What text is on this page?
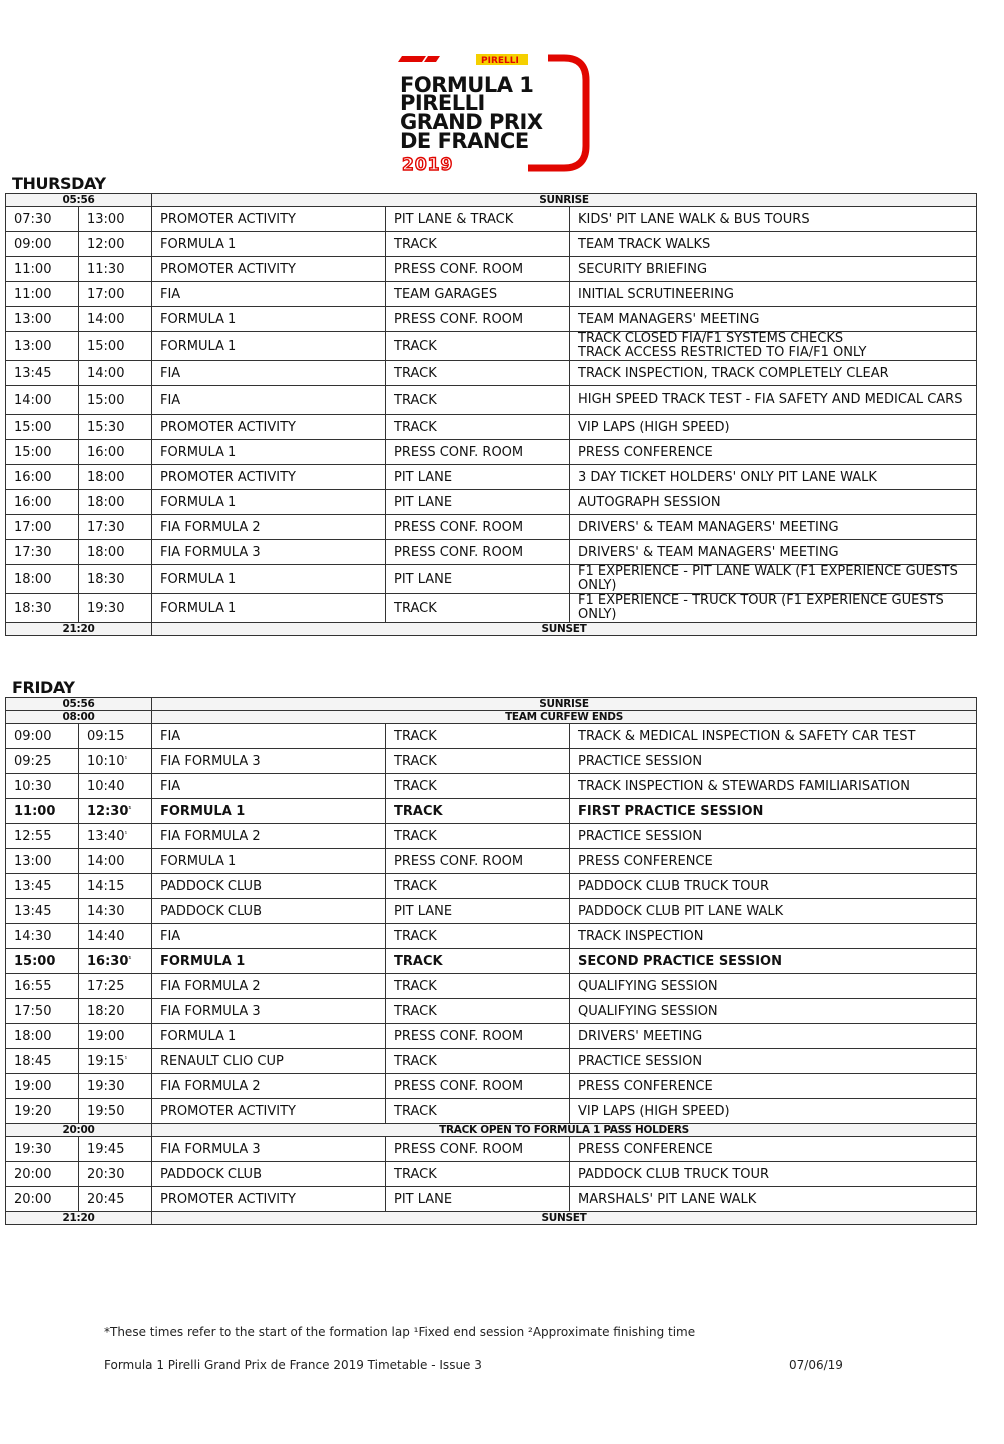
PIRELLI
FORMULA 1
PIRELLI
GRAND PRIX
DE FRANCE
2019
THURSDAY
05:56		SUNRISE		
07:30	13:00	PROMOTER ACTIVITY	PIT LANE & TRACK	KIDS' PIT LANE WALK & BUS TOURS
09:00	12:00	FORMULA 1	TRACK	TEAM TRACK WALKS
11:00	11:30	PROMOTER ACTIVITY	PRESS CONF. ROOM	SECURITY BRIEFING
11:00	17:00	FIA	TEAM GARAGES	INITIAL SCRUTINEERING
13:00	14:00	FORMULA 1	PRESS CONF. ROOM	TEAM MANAGERS' MEETING
13:00	15:00	FORMULA 1	TRACK	TRACK CLOSED FIA/F1 SYSTEMS CHECKS
TRACK ACCESS RESTRICTED TO FIA/F1 ONLY
13:45	14:00	FIA	TRACK	TRACK INSPECTION, TRACK COMPLETELY CLEAR
14:00	15:00	FIA	TRACK	HIGH SPEED TRACK TEST - FIA SAFETY AND MEDICAL CARS
15:00	15:30	PROMOTER ACTIVITY	TRACK	VIP LAPS (HIGH SPEED)
15:00	16:00	FORMULA 1	PRESS CONF. ROOM	PRESS CONFERENCE
16:00	18:00	PROMOTER ACTIVITY	PIT LANE	3 DAY TICKET HOLDERS' ONLY PIT LANE WALK
16:00	18:00	FORMULA 1	PIT LANE	AUTOGRAPH SESSION
17:00	17:30	FIA FORMULA 2	PRESS CONF. ROOM	DRIVERS' & TEAM MANAGERS' MEETING
17:30	18:00	FIA FORMULA 3	PRESS CONF. ROOM	DRIVERS' & TEAM MANAGERS' MEETING
18:00	18:30	FORMULA 1	PIT LANE	F1 EXPERIENCE - PIT LANE WALK (F1 EXPERIENCE GUESTS ONLY)
18:30	19:30	FORMULA 1	TRACK	F1 EXPERIENCE - TRUCK TOUR (F1 EXPERIENCE GUESTS ONLY)
21:20		SUNSET		
FRIDAY
05:56		SUNRISE		
08:00		TEAM CURFEW ENDS		
09:00	09:15	FIA	TRACK	TRACK & MEDICAL INSPECTION & SAFETY CAR TEST
09:25	$10:10^{^1}$	FIA FORMULA 3	TRACK	PRACTICE SESSION
10:30	10:40	FIA	TRACK	TRACK INSPECTION & STEWARDS FAMILIARISATION
11:00	$12:30^{^1}$	FORMULA 1	TRACK	FIRST PRACTICE SESSION
12:55	$13:40^{^1}$	FIA FORMULA 2	TRACK	PRACTICE SESSION
13:00	14:00	FORMULA 1	PRESS CONF. ROOM	PRESS CONFERENCE
13:45	14:15	PADDOCK CLUB	TRACK	PADDOCK CLUB TRUCK TOUR
13:45	14:30	PADDOCK CLUB	PIT LANE	PADDOCK CLUB PIT LANE WALK
14:30	14:40	FIA	TRACK	TRACK INSPECTION
15:00	$16:30^{^1}$	FORMULA 1	TRACK	SECOND PRACTICE SESSION
16:55	17:25	FIA FORMULA 2	TRACK	QUALIFYING SESSION
17:50	18:20	FIA FORMULA 3	TRACK	QUALIFYING SESSION
18:00	19:00	FORMULA 1	PRESS CONF. ROOM	DRIVERS' MEETING
18:45	$19:15^{^1}$	RENAULT CLIO CUP	TRACK	PRACTICE SESSION
19:00	19:30	FIA FORMULA 2	PRESS CONF. ROOM	PRESS CONFERENCE
19:20	19:50	PROMOTER ACTIVITY	TRACK	VIP LAPS (HIGH SPEED)
20:00		TRACK OPEN TO FORMULA 1 PASS HOLDERS		
19:30	19:45	FIA FORMULA 3	PRESS CONF. ROOM	PRESS CONFERENCE
20:00	20:30	PADDOCK CLUB	TRACK	PADDOCK CLUB TRUCK TOUR
20:00	20:45	PROMOTER ACTIVITY	PIT LANE	MARSHALS' PIT LANE WALK
21:20		SUNSET		
*These times refer to the start of the formation lap ¹Fixed end session ²Approximate finishing time
Formula 1 Pirelli Grand Prix de France 2019 Timetable - Issue 3	07/06/19
